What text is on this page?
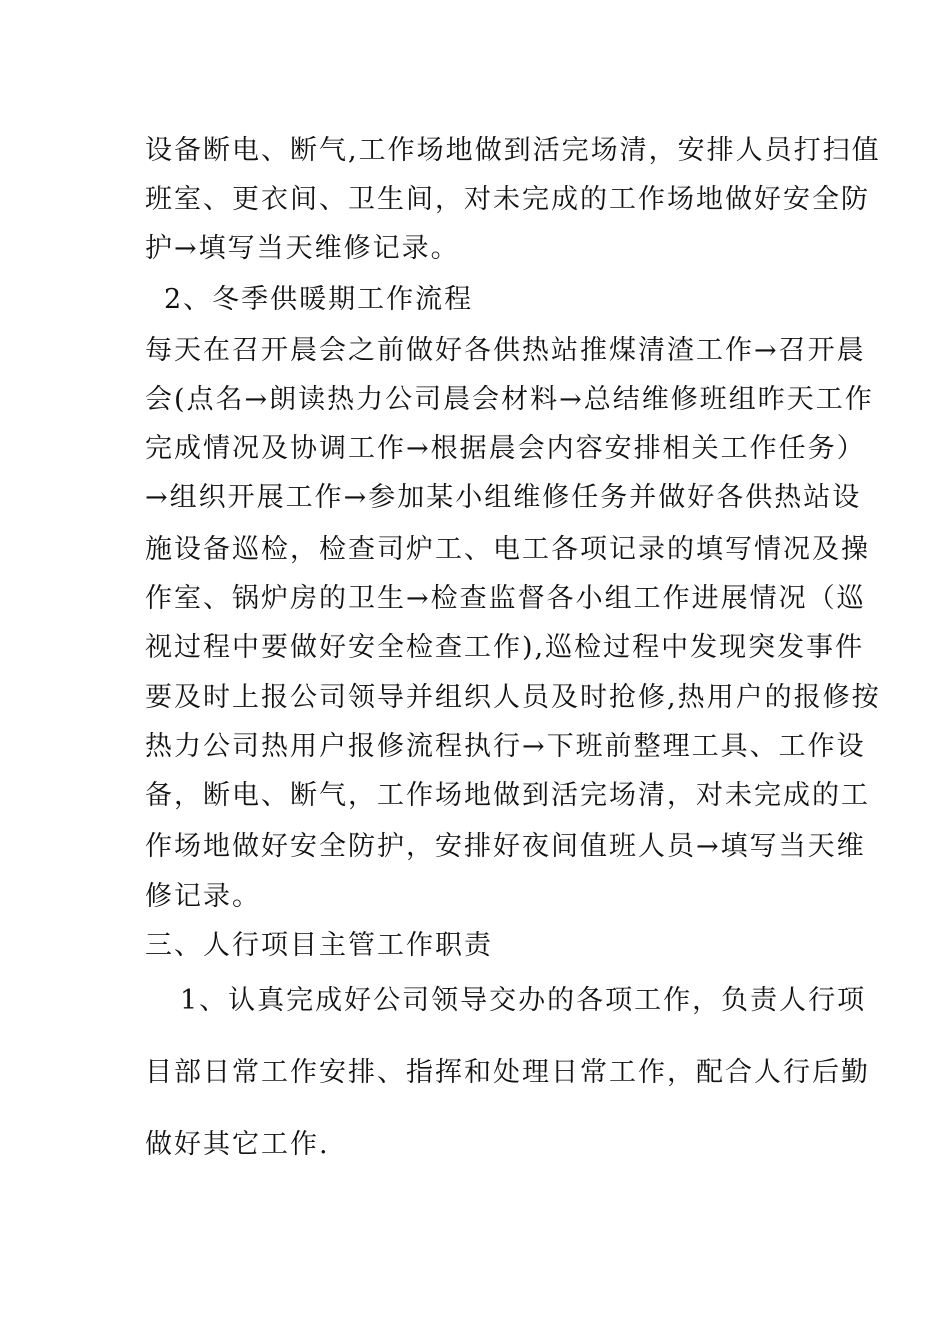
设备断电、断气,工作场地做到活完场清，安排人员打扫值
班室、更衣间、卫生间，对未完成的工作场地做好安全防
护→填写当天维修记录。
2、冬季供暖期工作流程
每天在召开晨会之前做好各供热站推煤清渣工作→召开晨
会(点名→朗读热力公司晨会材料→总结维修班组昨天工作
完成情况及协调工作→根据晨会内容安排相关工作任务）
→组织开展工作→参加某小组维修任务并做好各供热站设
施设备巡检，检查司炉工、电工各项记录的填写情况及操
作室、锅炉房的卫生→检查监督各小组工作进展情况（巡
视过程中要做好安全检查工作),巡检过程中发现突发事件
要及时上报公司领导并组织人员及时抢修,热用户的报修按
热力公司热用户报修流程执行→下班前整理工具、工作设
备，断电、断气，工作场地做到活完场清，对未完成的工
作场地做好安全防护，安排好夜间值班人员→填写当天维
修记录。
三、人行项目主管工作职责
1、认真完成好公司领导交办的各项工作，负责人行项
目部日常工作安排、指挥和处理日常工作，配合人行后勤
做好其它工作.
